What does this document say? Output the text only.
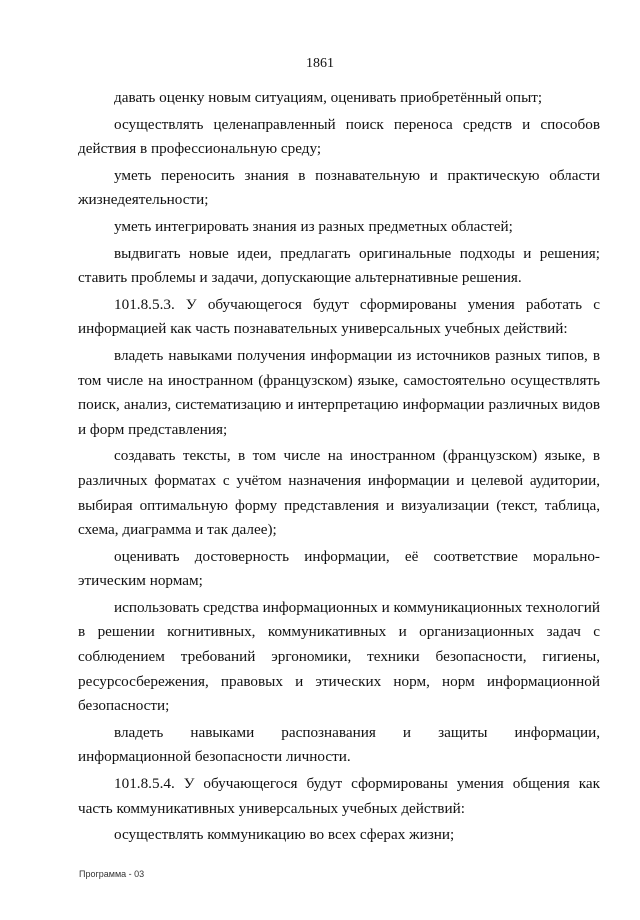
1861

давать оценку новым ситуациям, оценивать приобретённый опыт;

осуществлять целенаправленный поиск переноса средств и способов действия в профессиональную среду;

уметь переносить знания в познавательную и практическую области жизнедеятельности;

уметь интегрировать знания из разных предметных областей;

выдвигать новые идеи, предлагать оригинальные подходы и решения; ставить проблемы и задачи, допускающие альтернативные решения.

101.8.5.3. У обучающегося будут сформированы умения работать с информацией как часть познавательных универсальных учебных действий:

владеть навыками получения информации из источников разных типов, в том числе на иностранном (французском) языке, самостоятельно осуществлять поиск, анализ, систематизацию и интерпретацию информации различных видов и форм представления;

создавать тексты, в том числе на иностранном (французском) языке, в различных форматах с учётом назначения информации и целевой аудитории, выбирая оптимальную форму представления и визуализации (текст, таблица, схема, диаграмма и так далее);

оценивать достоверность информации, её соответствие морально-этическим нормам;

использовать средства информационных и коммуникационных технологий в решении когнитивных, коммуникативных и организационных задач с соблюдением требований эргономики, техники безопасности, гигиены, ресурсосбережения, правовых и этических норм, норм информационной безопасности;

владеть навыками распознавания и защиты информации, информационной безопасности личности.

101.8.5.4. У обучающегося будут сформированы умения общения как часть коммуникативных универсальных учебных действий:

осуществлять коммуникацию во всех сферах жизни;

Программа - 03
